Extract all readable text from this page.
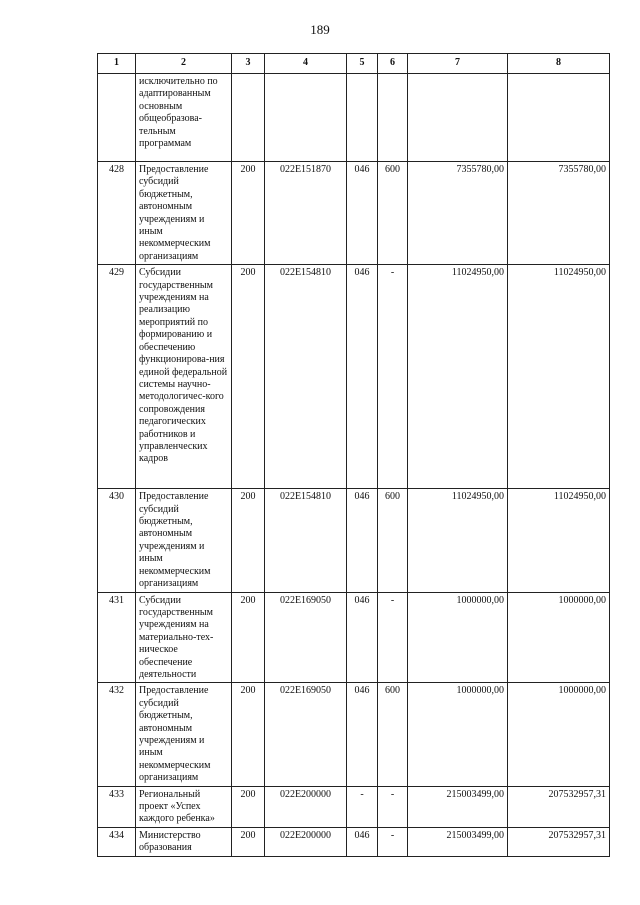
189
1	2	3	4	5	6	7	8
	исключительно по адаптированным основным общеобразова-тельным программам						
428	Предоставление субсидий бюджетным, автономным учреждениям и иным некоммерческим организациям	200	022E151870	046	600	7355780,00	7355780,00
429	Субсидии государственным учреждениям на реализацию мероприятий по формированию и обеспечению функционирова-ния единой федеральной системы научно-методологичес-кого сопровождения педагогических работников и управленческих кадров	200	022E154810	046	-	11024950,00	11024950,00
430	Предоставление субсидий бюджетным, автономным учреждениям и иным некоммерческим организациям	200	022E154810	046	600	11024950,00	11024950,00
431	Субсидии государственным учреждениям на материально-тех-ническое обеспечение деятельности	200	022E169050	046	-	1000000,00	1000000,00
432	Предоставление субсидий бюджетным, автономным учреждениям и иным некоммерческим организациям	200	022E169050	046	600	1000000,00	1000000,00
433	Региональный проект «Успех каждого ребенка»	200	022E200000	-	-	215003499,00	207532957,31
434	Министерство образования	200	022E200000	046	-	215003499,00	207532957,31
